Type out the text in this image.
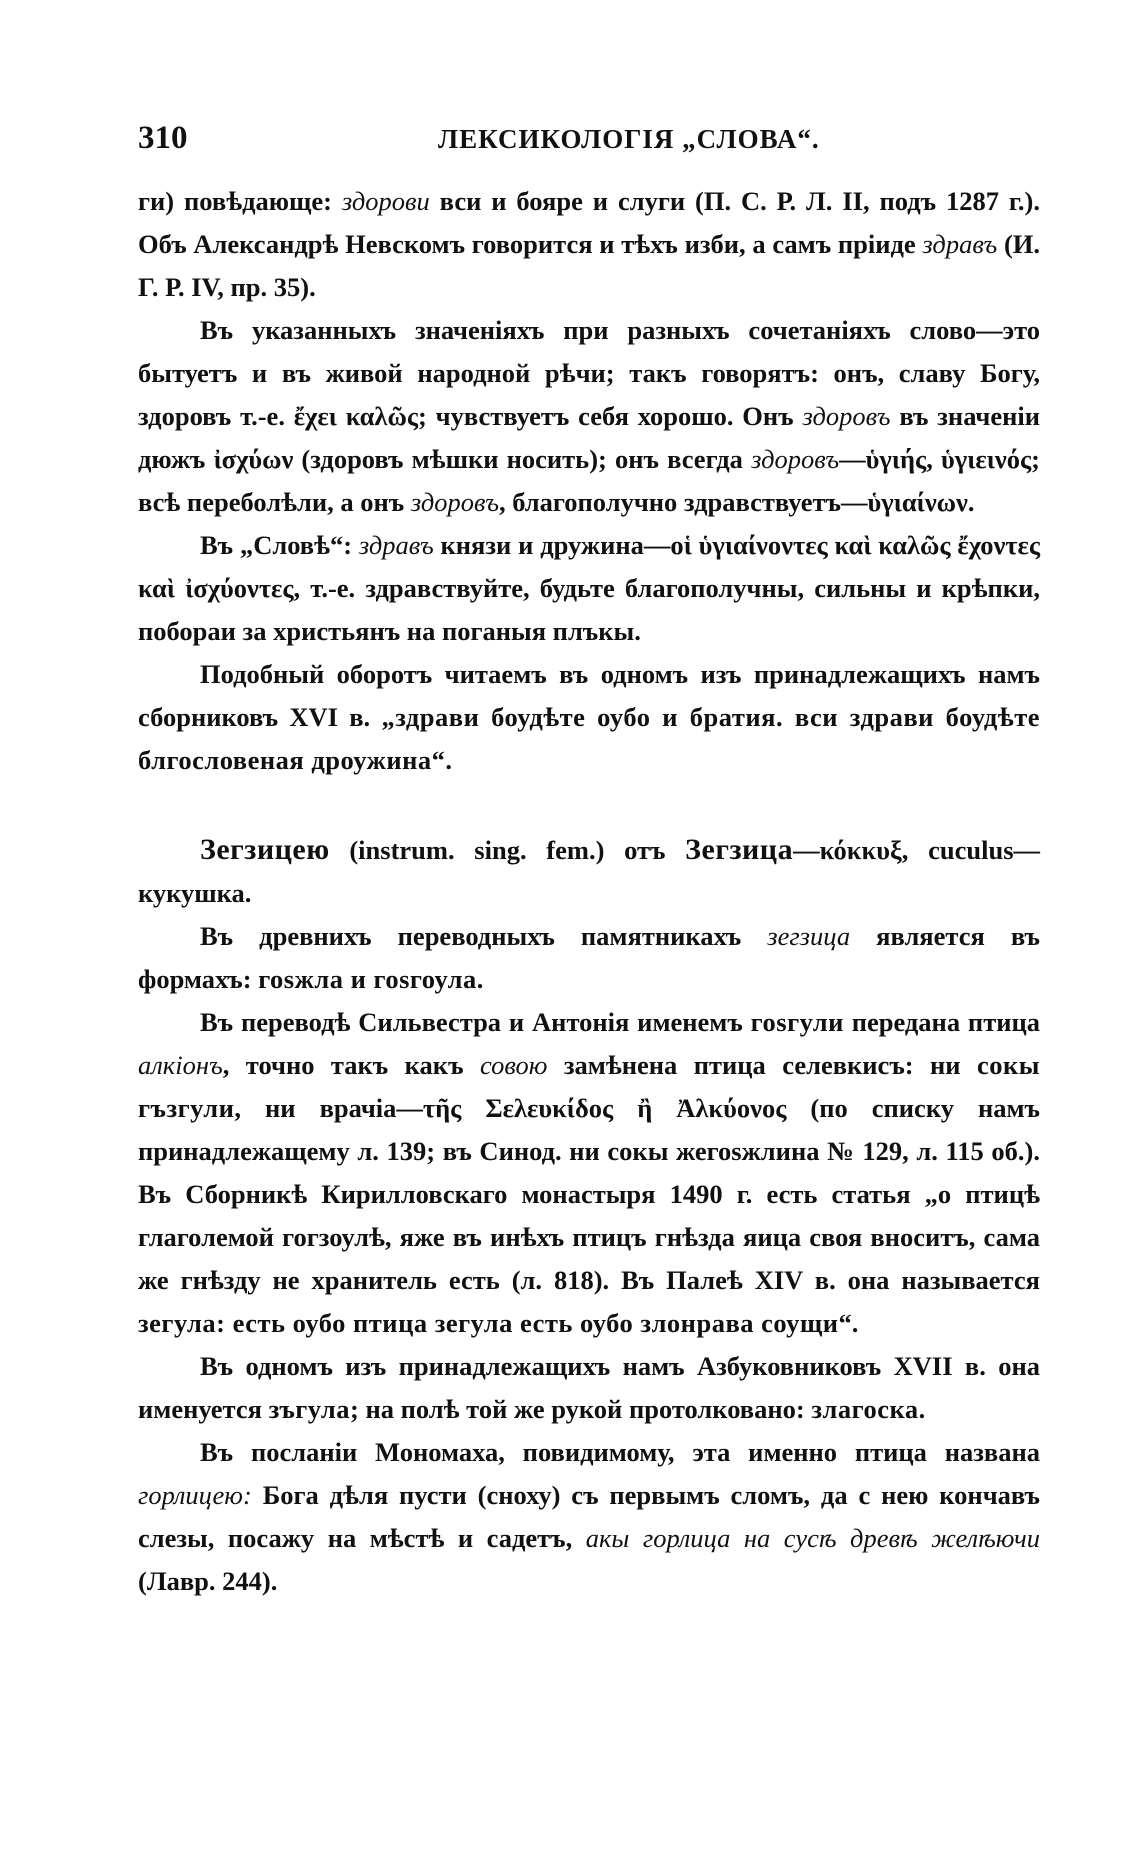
310	ЛЕКСИКОЛОГІЯ „СЛОВА“.

ги) повѣдающе: здорови вси и бояре и слуги (П. С. Р. Л. II, подъ 1287 г.). Объ Александрѣ Невскомъ говорится и тѣхъ изби, а самъ пріиде здравъ (И. Г. Р. IV, пр. 35).

Въ указанныхъ значеніяхъ при разныхъ сочетаніяхъ слово—это бытуетъ и въ живой народной рѣчи; такъ говорятъ: онъ, славу Богу, здоровъ т.-е. ἔχει καλῶς; чувствуетъ себя хорошо. Онъ здоровъ въ значеніи дюжъ ἰσχύων (здоровъ мѣшки носить); онъ всегда здоровъ—ὑγιής, ὑγιεινός; всѣ переболѣли, а онъ здоровъ, благополучно здравствуетъ—ὑγιαίνων.

Въ „Словѣ“: здравъ князи и дружина—οἱ ὑγιαίνοντες καὶ καλῶς ἔχοντες καὶ ἰσχύοντες, т.-е. здравствуйте, будьте благополучны, сильны и крѣпки, побораи за христьянъ на поганыя плъкы.

Подобный оборотъ читаемъ въ одномъ изъ принадлежащихъ намъ сборниковъ XVI в. „здрави боудѣте оубо и братия. вси здрави боудѣте блгословеная дроужина“.

Зегзицею (instrum. sing. fem.) отъ Зегзица—κόκκυξ, cuculus—кукушка.

Въ древнихъ переводныхъ памятникахъ зегзица является въ формахъ: гоѕжла и гоѕгоула.

Въ переводѣ Сильвестра и Антонія именемъ гоѕгули передана птица алкіонъ, точно такъ какъ совою замѣнена птица селевкисъ: ни сокы гъзгули, ни врачіа—τῆς Σελευκίδος ἢ Ἀλκύονος (по списку намъ принадлежащему л. 139; въ Синод. ни сокы жегоѕжлина № 129, л. 115 об.). Въ Сборникѣ Кирилловскаго монастыря 1490 г. есть статья „о птицѣ глаголемой гогзоулѣ, яже въ инѣхъ птицъ гнѣзда яица своя вноситъ, сама же гнѣзду не хранитель есть (л. 818). Въ Палеѣ XIV в. она называется зегула: есть оубо птица зегула есть оубо злонрава соущи“.

Въ одномъ изъ принадлежащихъ намъ Азбуковниковъ XVII в. она именуется зъгула; на полѣ той же рукой протолковано: злагоска.

Въ посланіи Мономаха, повидимому, эта именно птица названа горлицею: Бога дѣля пусти (сноху) съ первымъ сломъ, да с нею кончавъ слезы, посажу на мѣстѣ и садетъ, акы горлица на сусѣ древѣ желѣючи (Лавр. 244).
